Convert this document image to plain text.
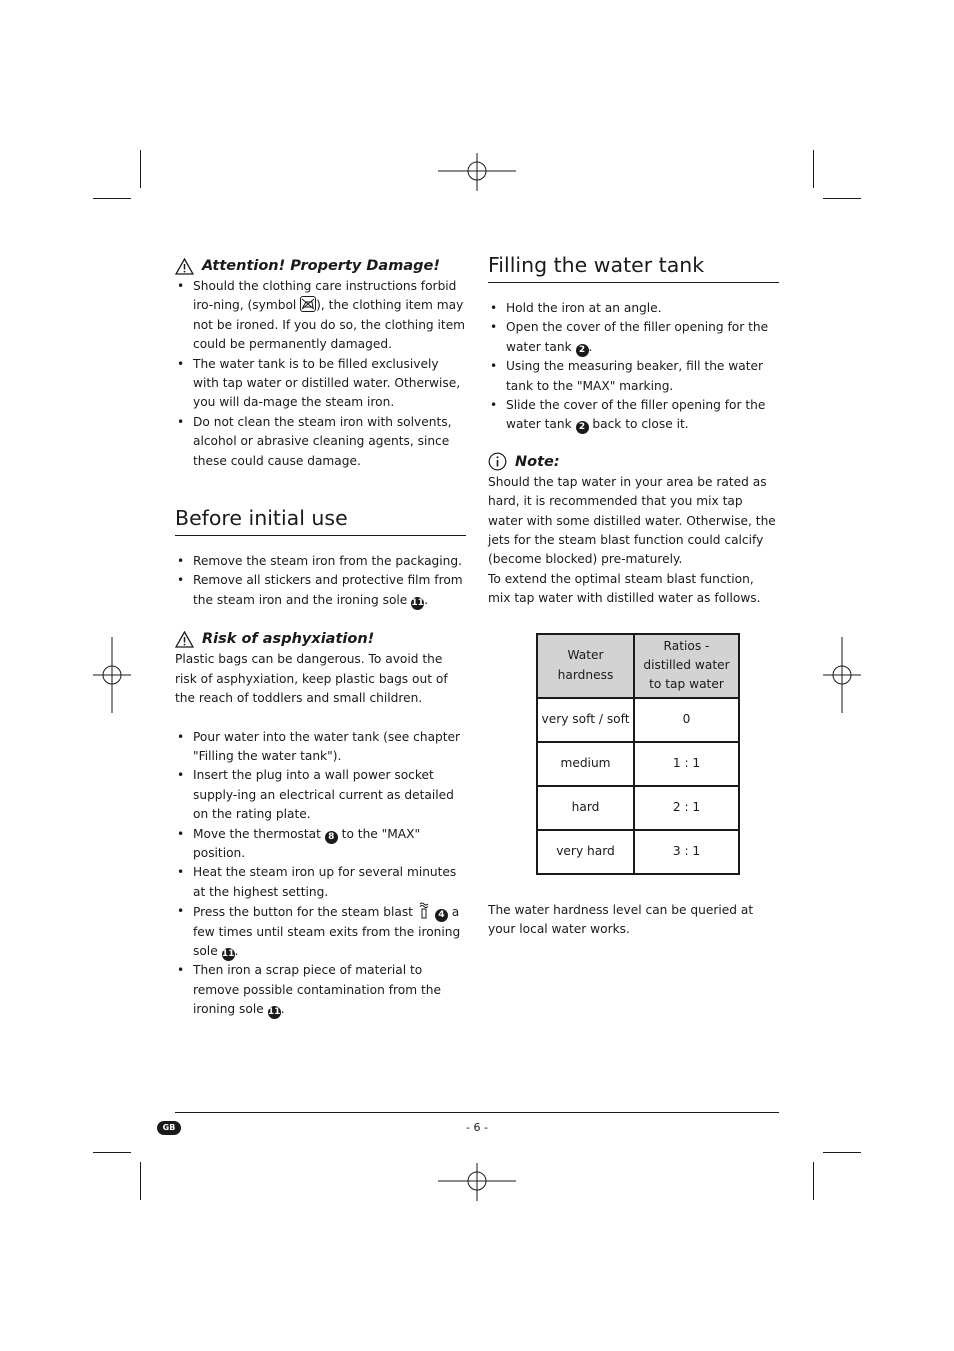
Attention! Property Damage!
• Should the clothing care instructions forbid iro-ning, (symbol
), the clothing item may not be ironed. If you do so, the clothing item could be permanently damaged.
• The water tank is to be filled exclusively with tap water or distilled water. Otherwise, you will da-mage the steam iron.
• Do not clean the steam iron with solvents, alcohol or abrasive cleaning agents, since these could cause damage.
Before initial use
• Remove the steam iron from the packaging.
• Remove all stickers and protective film from the steam iron and the ironing sole 11.
Risk of asphyxiation!

Plastic bags can be dangerous. To avoid the risk of asphyxiation, keep plastic bags out of the reach of toddlers and small children.

• Pour water into the water tank (see chapter "Filling the water tank").
• Insert the plug into a wall power socket supply-ing an electrical current as detailed on the rating plate.
• Move the thermostat 8 to the "MAX" position.
• Heat the steam iron up for several minutes at the highest setting.
• Press the button for the steam blast 4 a few times until steam exits from the ironing sole 11.
• Then iron a scrap piece of material to remove possible contamination from the ironing sole 11.
Filling the water tank
• Hold the iron at an angle.
• Open the cover of the filler opening for the water tank 2 .
• Using the measuring beaker, fill the water tank to the "MAX" marking.
• Slide the cover of the filler opening for the water tank 2 back to close it.
Note:

Should the tap water in your area be rated as hard, it is recommended that you mix tap water with some distilled water. Otherwise, the jets for the steam blast function could calcify (become blocked) pre-maturely.

To extend the optimal steam blast function, mix tap water with distilled water as follows.

Water hardness	Ratios - distilled water to tap water
very soft / soft	0
medium	1 : 1
hard	2 : 1
very hard	3 : 1

The water hardness level can be queried at your local water works.

GB	- 6 -
